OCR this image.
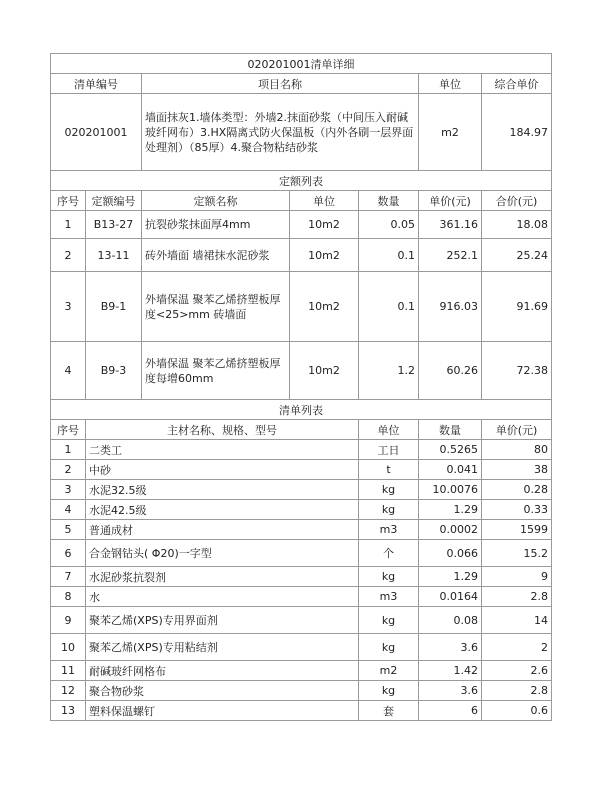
020201001清单详细							
清单编号		项目名称			单位	综合单价	
020201001		墙面抹灰1.墙体类型：外墙2.抹面砂浆（中间压入耐碱玻纤网布）3.HX隔离式防火保温板（内外各刷一层界面处理剂）（85厚）4.聚合物粘结砂浆			m2	184.97	
定额列表							
序号	定额编号	定额名称	单位	数量	单价(元)	合价(元)	
1	B13-27	抗裂砂浆抹面厚4mm	10m2	0.05	361.16	18.08	
2	13-11	砖外墙面 墙裙抹水泥砂浆	10m2	0.1	252.1	25.24	
3	B9-1	外墙保温 聚苯乙烯挤塑板厚度<25>mm 砖墙面	10m2	0.1	916.03	91.69	
4	B9-3	外墙保温 聚苯乙烯挤塑板厚度每增60mm	10m2	1.2	60.26	72.38	
清单列表							
序号	主材名称、规格、型号			单位	数量	单价(元)	
1	二类工			工日	0.5265	80	
2	中砂			t	0.041	38	
3	水泥32.5级			kg	10.0076	0.28	
4	水泥42.5级			kg	1.29	0.33	
5	普通成材			m3	0.0002	1599	
6	合金钢钻头( Φ20)一字型			个	0.066	15.2	
7	水泥砂浆抗裂剂			kg	1.29	9	
8	水			m3	0.0164	2.8	
9	聚苯乙烯(XPS)专用界面剂			kg	0.08	14	
10	聚苯乙烯(XPS)专用粘结剂			kg	3.6	2	
11	耐碱玻纤网格布			m2	1.42	2.6	
12	聚合物砂浆			kg	3.6	2.8	
13	塑料保温螺钉			套	6	0.6	
